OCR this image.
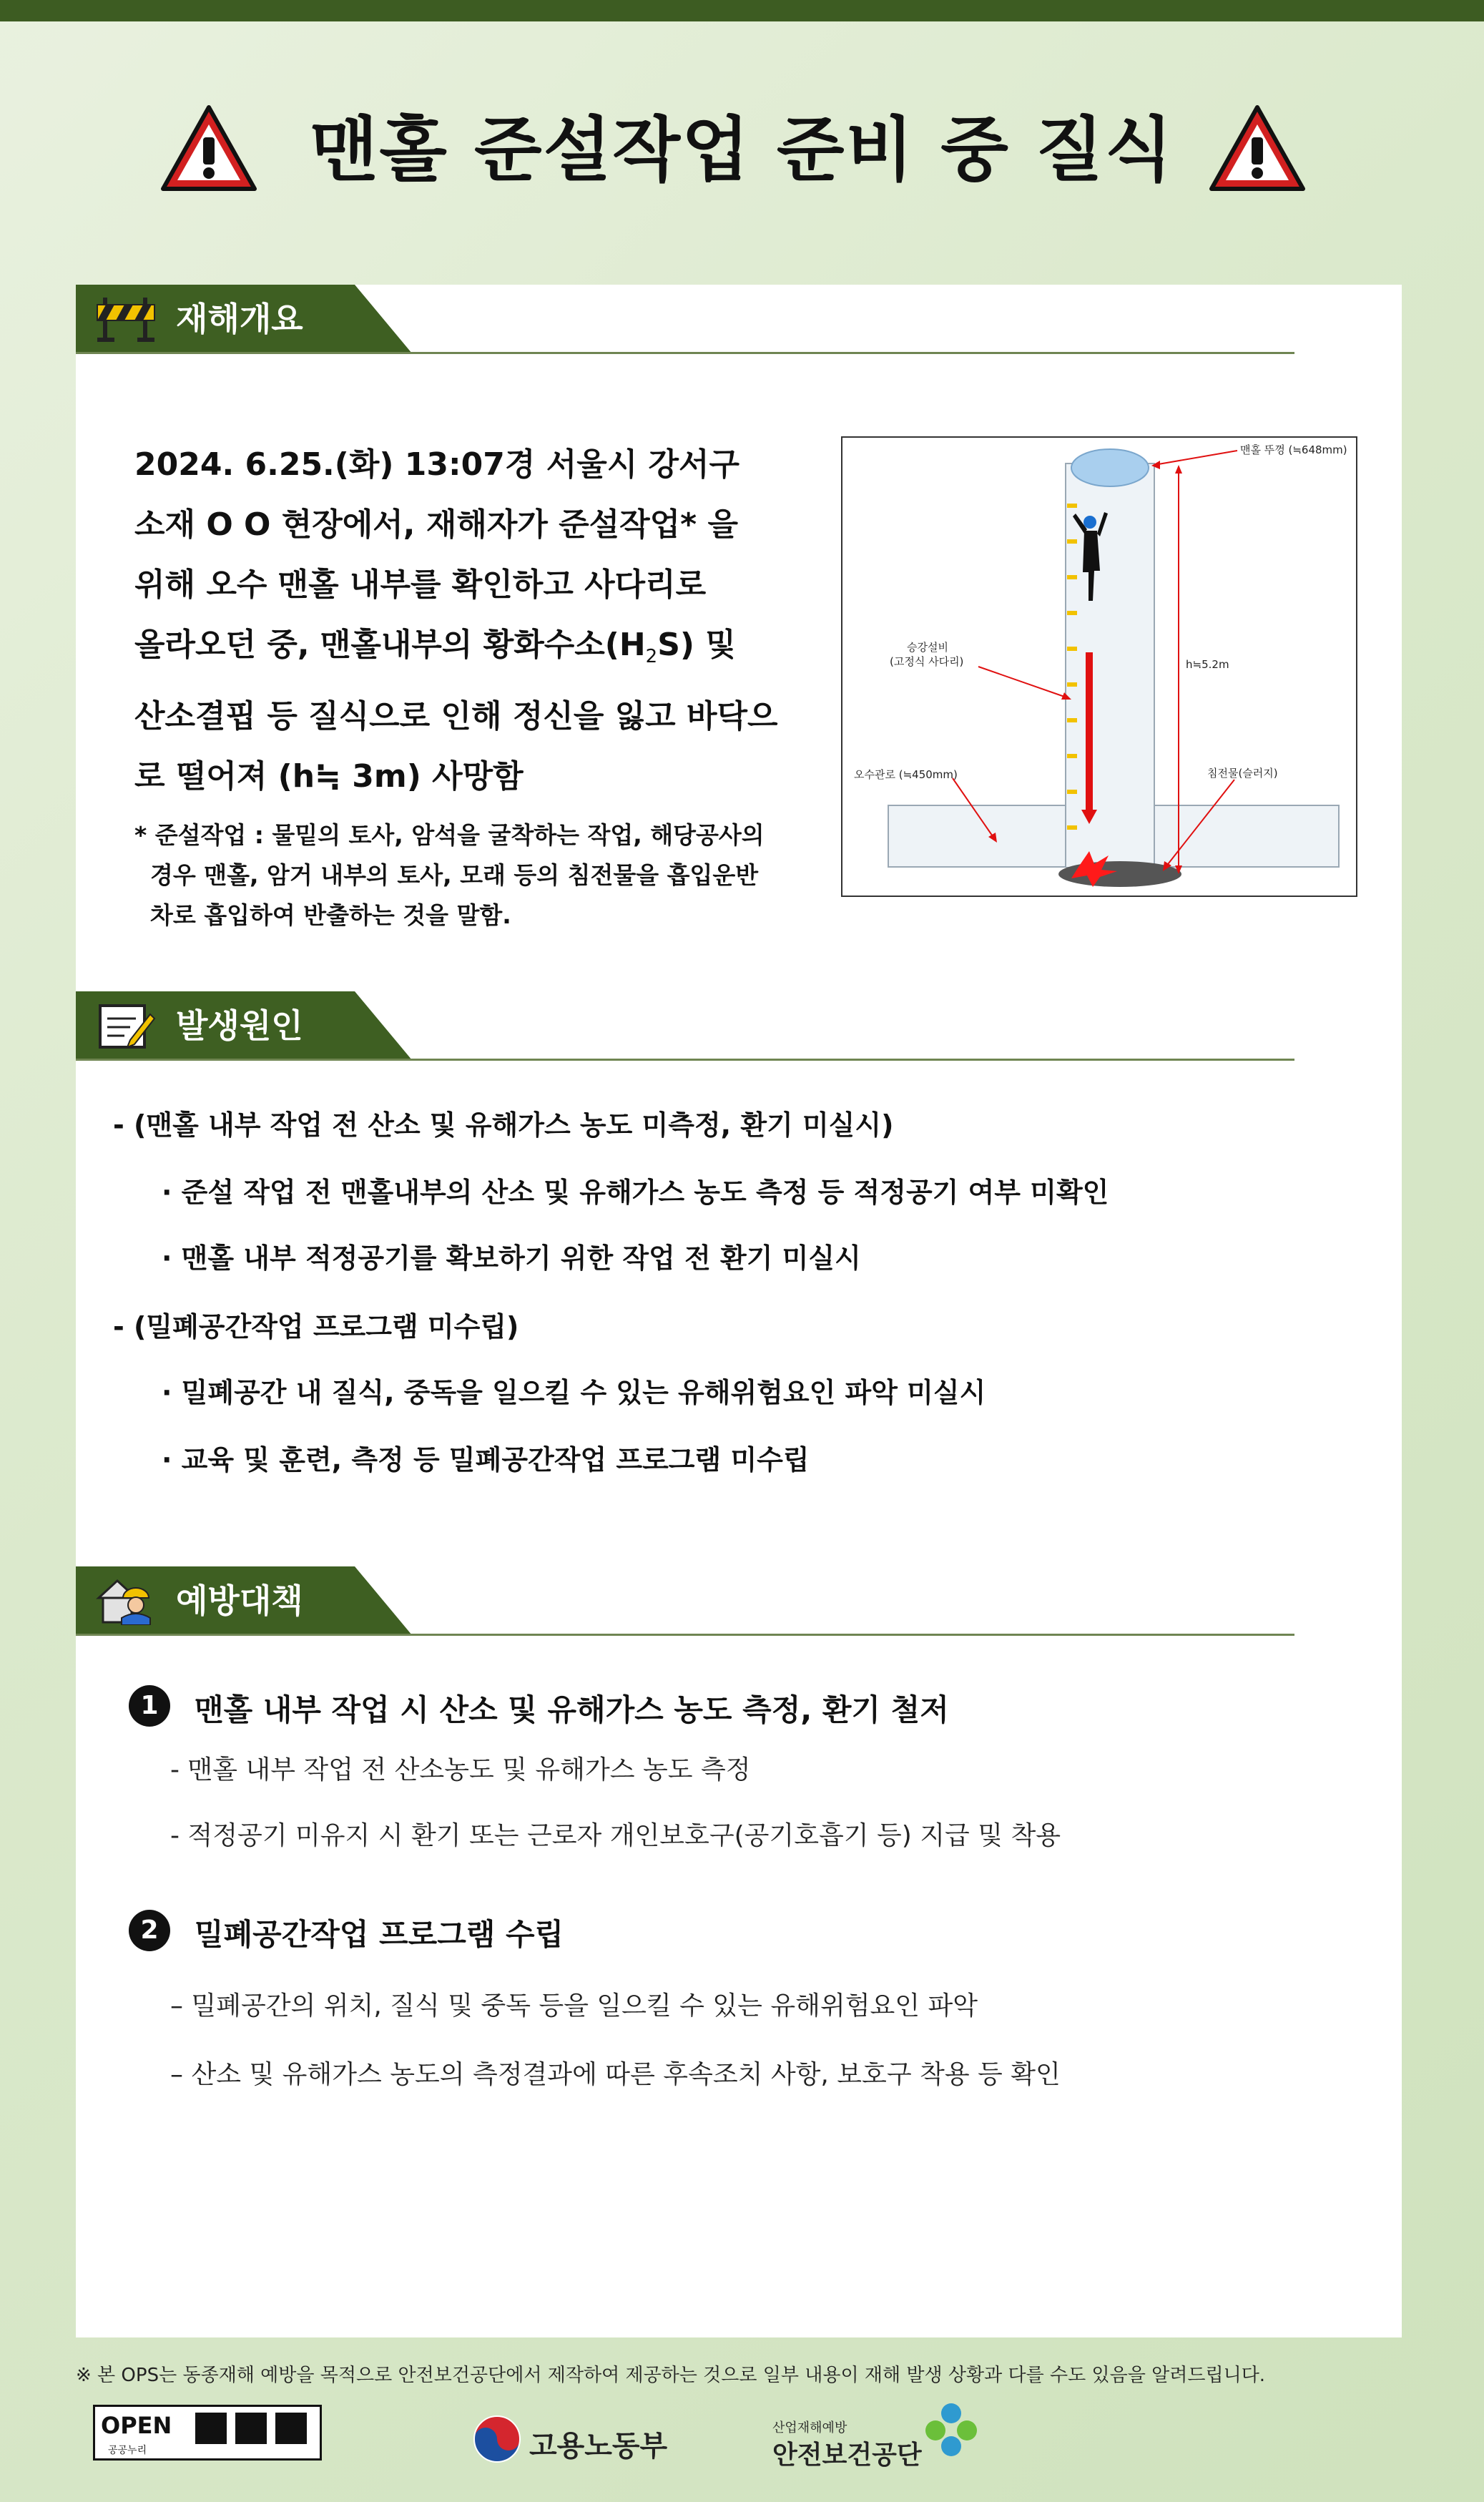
맨홀 준설작업 준비 중 질식
재해개요
2024. 6.25.(화) 13:07경 서울시 강서구
소재 O O 현장에서, 재해자가 준설작업* 을
위해 오수 맨홀 내부를 확인하고 사다리로
올라오던 중, 맨홀내부의 황화수소$(H_2S)$ 및
산소결핍 등 질식으로 인해 정신을 잃고 바닥으
로 떨어져 (h≒ 3m) 사망함
* 준설작업 : 물밑의 토사, 암석을 굴착하는 작업, 해당공사의
경우 맨홀, 암거 내부의 토사, 모래 등의 침전물을 흡입운반
차로 흡입하여 반출하는 것을 말함.
맨홀 뚜껑 (≒648mm)
h≒5.2m
승강설비
(고정식 사다리)
침전물(슬러지)
오수관로 (≒450mm)
발생원인
- (맨홀 내부 작업 전 산소 및 유해가스 농도 미측정, 환기 미실시)
· 준설 작업 전 맨홀내부의 산소 및 유해가스 농도 측정 등 적정공기 여부 미확인
· 맨홀 내부 적정공기를 확보하기 위한 작업 전 환기 미실시
- (밀폐공간작업 프로그램 미수립)
· 밀폐공간 내 질식, 중독을 일으킬 수 있는 유해위험요인 파악 미실시
· 교육 및 훈련, 측정 등 밀폐공간작업 프로그램 미수립
예방대책
1	맨홀 내부 작업 시 산소 및 유해가스 농도 측정, 환기 철저
- 맨홀 내부 작업 전 산소농도 및 유해가스 농도 측정
- 적정공기 미유지 시 환기 또는 근로자 개인보호구(공기호흡기 등) 지급 및 착용
2	밀폐공간작업 프로그램 수립
– 밀폐공간의 위치, 질식 및 중독 등을 일으킬 수 있는 유해위험요인 파악
– 산소 및 유해가스 농도의 측정결과에 따른 후속조치 사항, 보호구 착용 등 확인
※ 본 OPS는 동종재해 예방을 목적으로 안전보건공단에서 제작하여 제공하는 것으로 일부 내용이 재해 발생 상황과 다를 수도 있음을 알려드립니다.
OPEN
공공누리	고용노동부
산업재해예방
안전보건공단
